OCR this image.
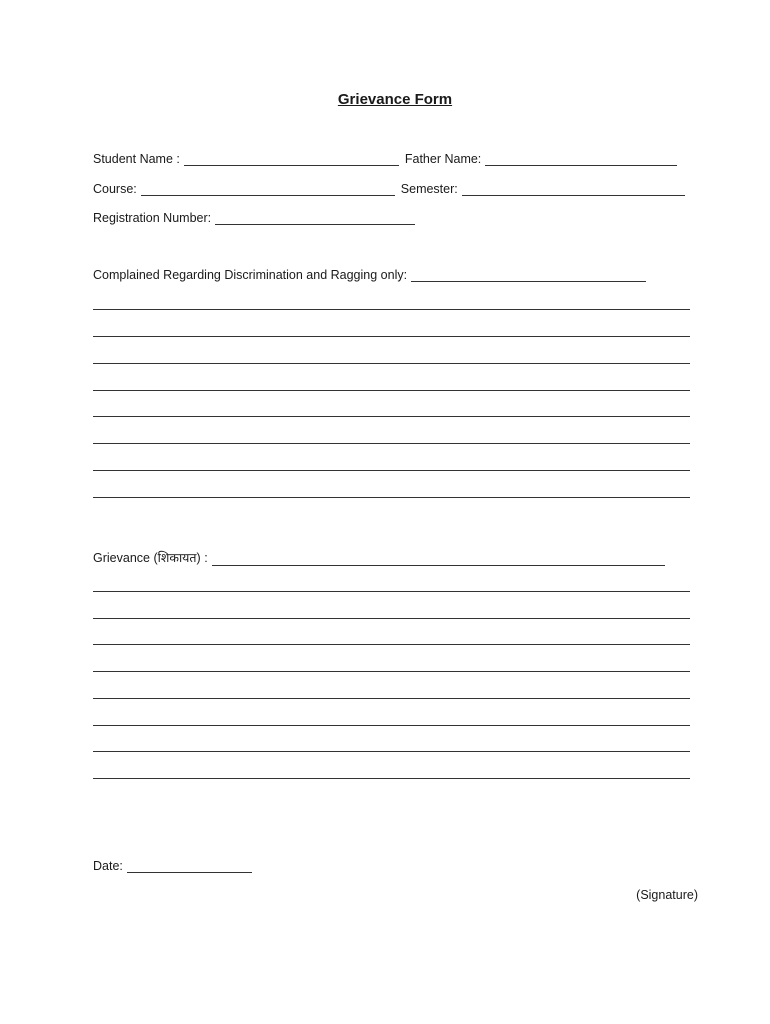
Grievance Form
Student Name :	Father Name:
Course:	Semester:
Registration Number:
Complained Regarding Discrimination and Ragging only:
Grievance (शिकायत) :
Date:
(Signature)
